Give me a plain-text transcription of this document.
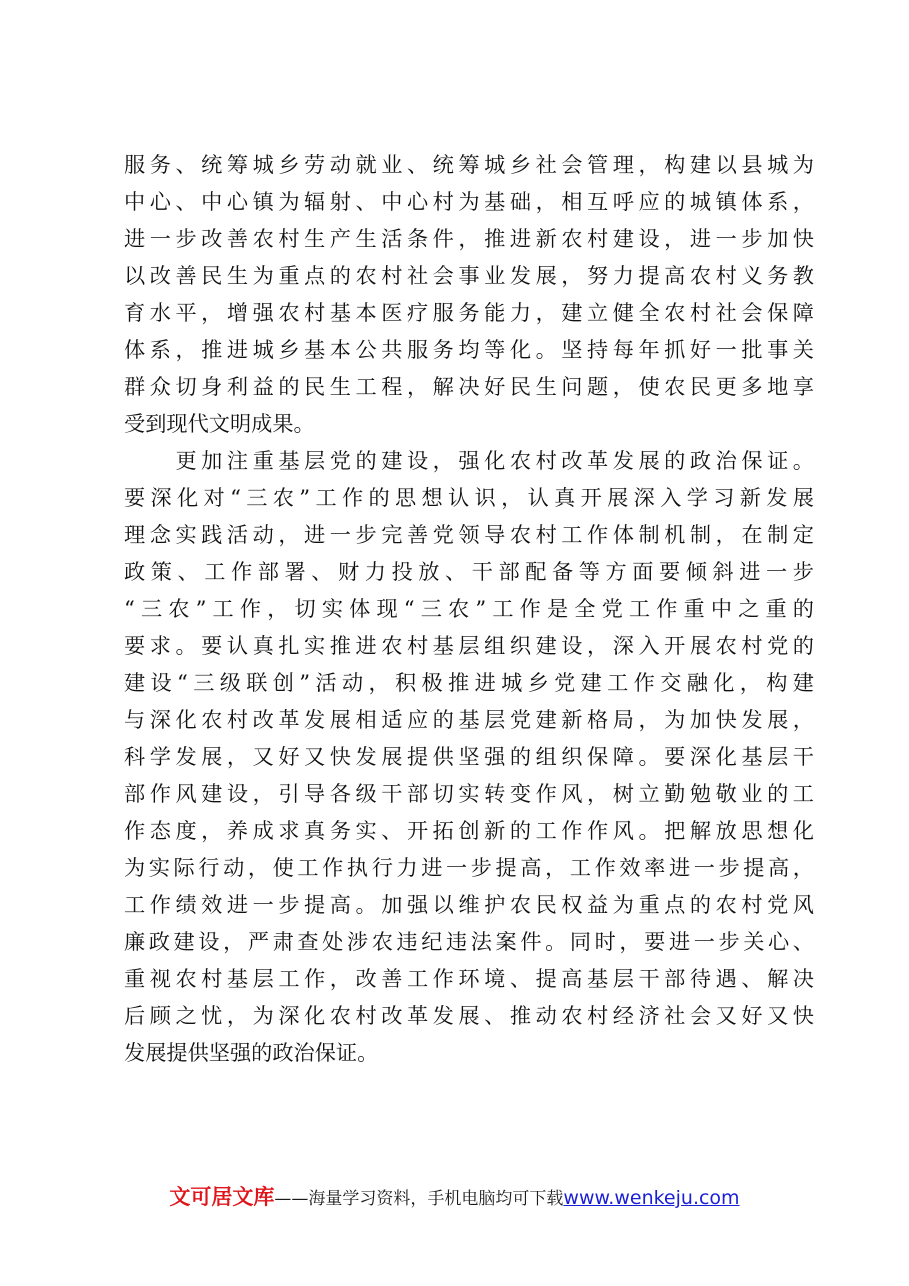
服务、统筹城乡劳动就业、统筹城乡社会管理，构建以县城为
中心、中心镇为辐射、中心村为基础，相互呼应的城镇体系，
进一步改善农村生产生活条件，推进新农村建设，进一步加快
以改善民生为重点的农村社会事业发展，努力提高农村义务教
育水平，增强农村基本医疗服务能力，建立健全农村社会保障
体系，推进城乡基本公共服务均等化。坚持每年抓好一批事关
群众切身利益的民生工程，解决好民生问题，使农民更多地享
受到现代文明成果。
　　更加注重基层党的建设，强化农村改革发展的政治保证。
要深化对“三农”工作的思想认识，认真开展深入学习新发展
理念实践活动，进一步完善党领导农村工作体制机制，在制定
政策、工作部署、财力投放、干部配备等方面要倾斜进一步
“三农”工作，切实体现“三农”工作是全党工作重中之重的
要求。要认真扎实推进农村基层组织建设，深入开展农村党的
建设“三级联创”活动，积极推进城乡党建工作交融化，构建
与深化农村改革发展相适应的基层党建新格局，为加快发展，
科学发展，又好又快发展提供坚强的组织保障。要深化基层干
部作风建设，引导各级干部切实转变作风，树立勤勉敬业的工
作态度，养成求真务实、开拓创新的工作作风。把解放思想化
为实际行动，使工作执行力进一步提高，工作效率进一步提高，
工作绩效进一步提高。加强以维护农民权益为重点的农村党风
廉政建设，严肃查处涉农违纪违法案件。同时，要进一步关心、
重视农村基层工作，改善工作环境、提高基层干部待遇、解决
后顾之忧，为深化农村改革发展、推动农村经济社会又好又快
发展提供坚强的政治保证。
文可居文库——海量学习资料，手机电脑均可下载www.wenkeju.com
